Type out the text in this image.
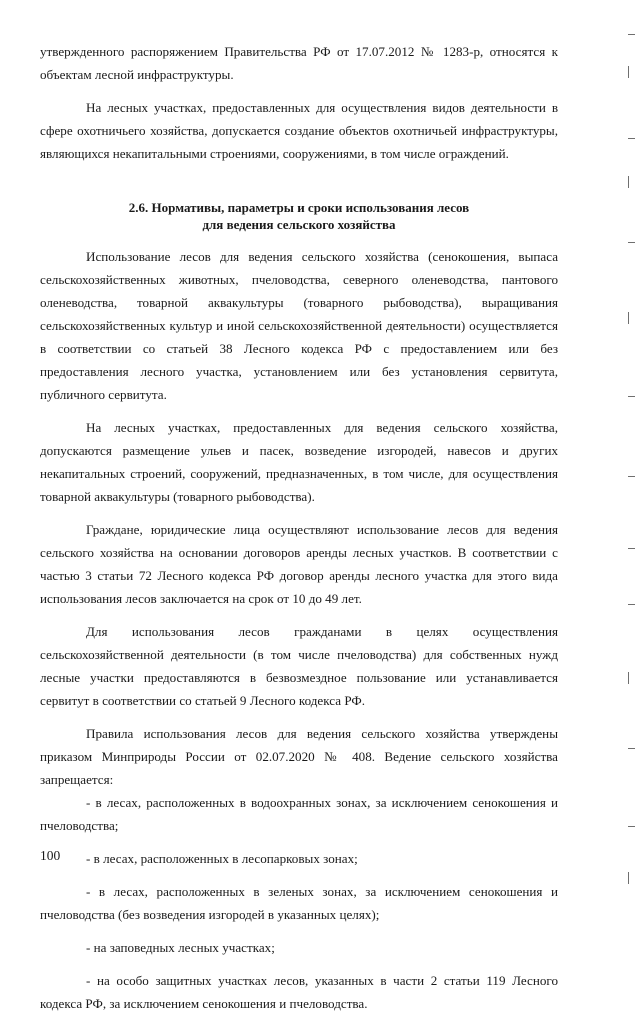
утвержденного распоряжением Правительства РФ от 17.07.2012 № 1283-р, относятся к объектам лесной инфраструктуры.

На лесных участках, предоставленных для осуществления видов деятельности в сфере охотничьего хозяйства, допускается создание объектов охотничьей инфраструктуры, являющихся некапитальными строениями, сооружениями, в том числе ограждений.

2.6. Нормативы, параметры и сроки использования лесов
для ведения сельского хозяйства

Использование лесов для ведения сельского хозяйства (сенокошения, выпаса сельскохозяйственных животных, пчеловодства, северного оленеводства, пантового оленеводства, товарной аквакультуры (товарного рыбоводства), выращивания сельскохозяйственных культур и иной сельскохозяйственной деятельности) осуществляется в соответствии со статьей 38 Лесного кодекса РФ с предоставлением или без предоставления лесного участка, установлением или без установления сервитута, публичного сервитута.

На лесных участках, предоставленных для ведения сельского хозяйства, допускаются размещение ульев и пасек, возведение изгородей, навесов и других некапитальных строений, сооружений, предназначенных, в том числе, для осуществления товарной аквакультуры (товарного рыбоводства).

Граждане, юридические лица осуществляют использование лесов для ведения сельского хозяйства на основании договоров аренды лесных участков. В соответствии с частью 3 статьи 72 Лесного кодекса РФ договор аренды лесного участка для этого вида использования лесов заключается на срок от 10 до 49 лет.

Для использования лесов гражданами в целях осуществления сельскохозяйственной деятельности (в том числе пчеловодства) для собственных нужд лесные участки предоставляются в безвозмездное пользование или устанавливается сервитут в соответствии со статьей 9 Лесного кодекса РФ.

Правила использования лесов для ведения сельского хозяйства утверждены приказом Минприроды России от 02.07.2020 № 408. Ведение сельского хозяйства запрещается:

- в лесах, расположенных в водоохранных зонах, за исключением сенокошения и пчеловодства;

- в лесах, расположенных в лесопарковых зонах;

- в лесах, расположенных в зеленых зонах, за исключением сенокошения и пчеловодства (без возведения изгородей в указанных целях);

- на заповедных лесных участках;

- на особо защитных участках лесов, указанных в части 2 статьи 119 Лесного кодекса РФ, за исключением сенокошения и пчеловодства.

100
